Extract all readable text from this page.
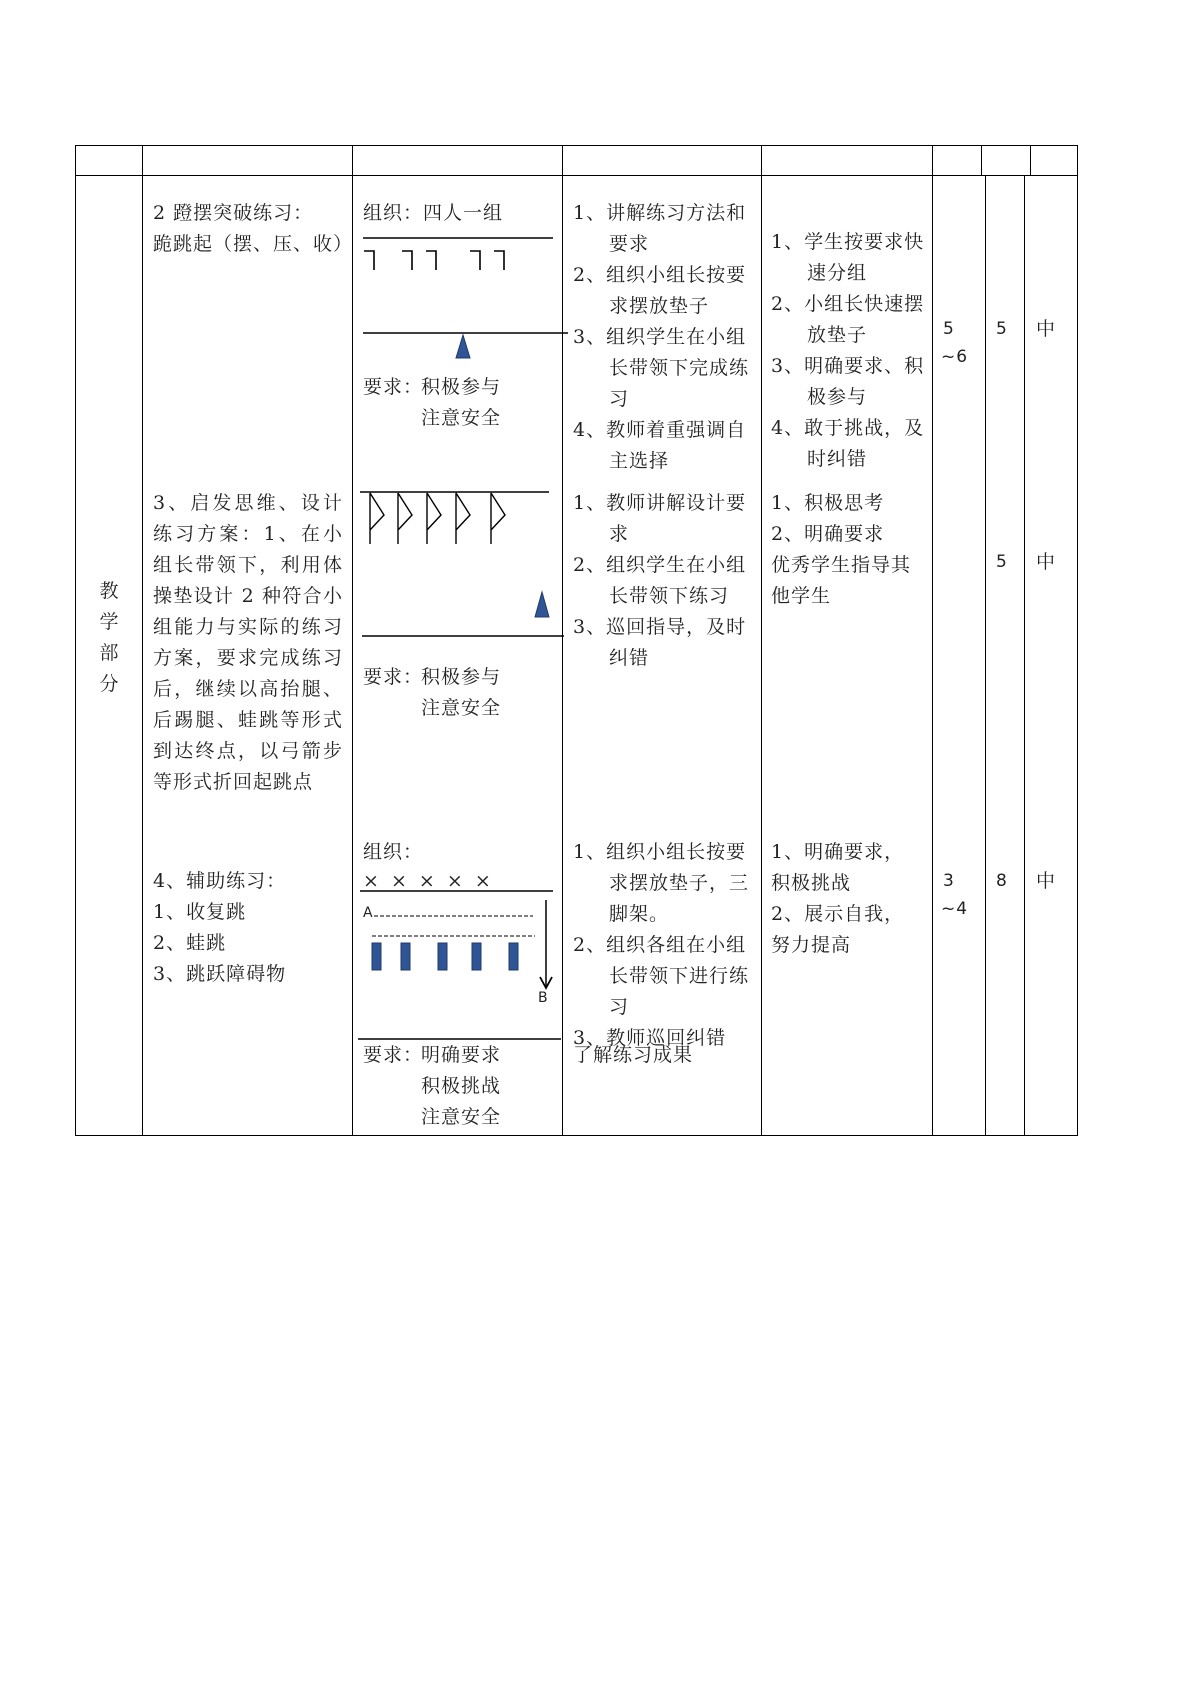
教学部分
2 蹬摆突破练习：
跪跳起（摆、压、收）
组织：四人一组
要求：
积极参与
注意安全
1、讲解练习方法和要求
2、组织小组长按要求摆放垫子
3、组织学生在小组长带领下完成练习
4、教师着重强调自主选择
1、学生按要求快速分组
2、小组长快速摆放垫子
3、明确要求、积极参与
4、敢于挑战，及时纠错
5
~6
5 中
3、启发思维、设计练习方案：1、在小组长带领下，利用体操垫设计 2 种符合小组能力与实际的练习方案，要求完成练习后，继续以高抬腿、后踢腿、蛙跳等形式到达终点，以弓箭步等形式折回起跳点
要求：
积极参与
注意安全
1、教师讲解设计要求
2、组织学生在小组长带领下练习
3、巡回指导，及时纠错
1、积极思考
2、明确要求
优秀学生指导其他学生
5 中
4、辅助练习：
1、收复跳
2、蛙跳
3、跳跃障碍物
组织：
× × × × ×
A
B
要求：
明确要求
积极挑战
注意安全
1、组织小组长按要求摆放垫子，三脚架。
2、组织各组在小组长带领下进行练习
3、教师巡回纠错
了解练习成果
1、明确要求，
积极挑战
2、展示自我，
努力提高
3
~4
8 中
